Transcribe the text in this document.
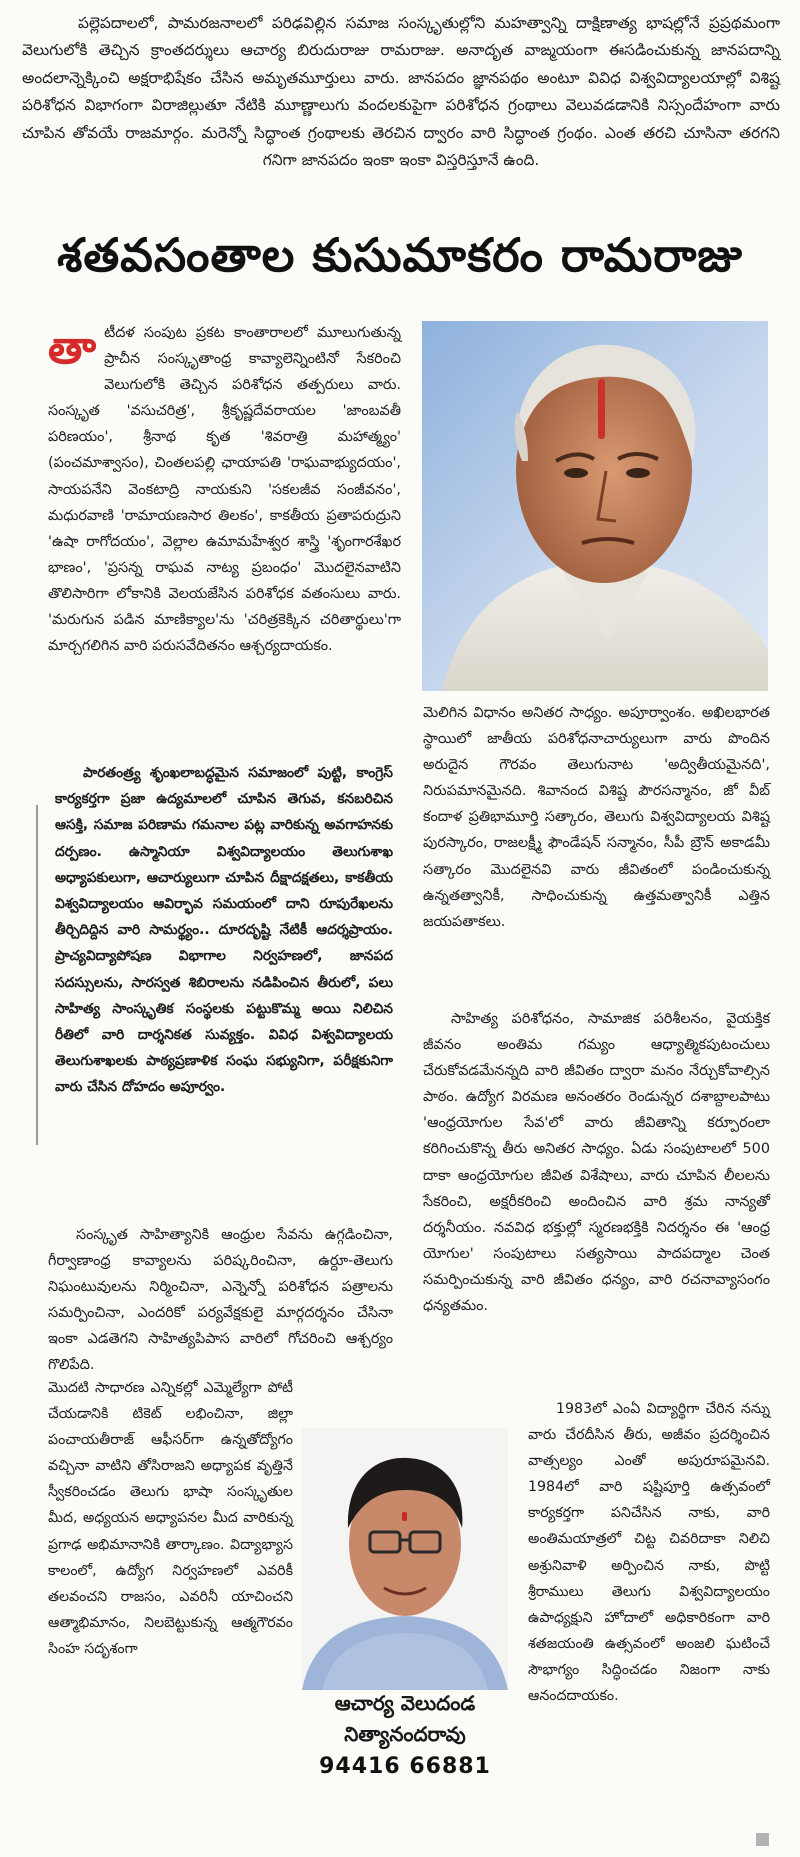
పల్లెపదాలలో, పామరజనాలలో పరిఢవిల్లిన సమాజ సంస్కృతుల్లోని మహత్వాన్ని దాక్షిణాత్య భాషల్లోనే ప్రప్రథమంగా వెలుగులోకి తెచ్చిన క్రాంతదర్శులు ఆచార్య బిరుదురాజు రామరాజు. అనాదృత వాఙ్మయంగా ఈసడించుకున్న జానపదాన్ని అందలాన్నెక్కించి అక్షరాభిషేకం చేసిన అమృతమూర్తులు వారు. జానపదం జ్ఞానపథం అంటూ వివిధ విశ్వవిద్యాలయాల్లో విశిష్ట పరిశోధన విభాగంగా విరాజిల్లుతూ నేటికి మూణ్ణాలుగు వందలకుపైగా పరిశోధన గ్రంథాలు వెలువడడానికి నిస్సందేహంగా వారు చూపిన తోవయే రాజమార్గం. మరెన్నో సిద్ధాంత గ్రంథాలకు తెరచిన ద్వారం వారి సిద్ధాంత గ్రంథం. ఎంత తరచి చూసినా తరగని గనిగా జానపదం ఇంకా ఇంకా విస్తరిస్తూనే ఉంది.
శతవసంతాల కుసుమాకరం రామరాజు

తాటీదళ సంపుట ప్రకట కాంతారాలలో మూలుగుతున్న ప్రాచీన సంస్కృతాంధ్ర కావ్యాలెన్నింటినో సేకరించి వెలుగులోకి తెచ్చిన పరిశోధన తత్పరులు వారు. సంస్కృత 'వసుచరిత్ర', శ్రీకృష్ణదేవరాయల 'జాంబవతీ పరిణయం', శ్రీనాథ కృత 'శివరాత్రి మహాత్మ్యం' (పంచమాశ్వాసం), చింతలపల్లి ఛాయాపతి 'రాఘవాభ్యుదయం', సాయపనేని వెంకటాద్రి నాయకుని 'సకలజీవ సంజీవనం', మధురవాణి 'రామాయణసార తిలకం', కాకతీయ ప్రతాపరుద్రుని 'ఉషా రాగోదయం', వెల్లాల ఉమామహేశ్వర శాస్త్రి 'శృంగారశేఖర భాణం', 'ప్రసన్న రాఘవ నాట్య ప్రబంధం' మొదలైనవాటిని తొలిసారిగా లోకానికి వెలయజేసిన పరిశోధక వతంసులు వారు. 'మరుగున పడిన మాణిక్యాల'ను 'చరిత్రకెక్కిన చరితార్థులు'గా మార్చగలిగిన వారి పరుసవేదితనం ఆశ్చర్యదాయకం.

పారతంత్ర్య శృంఖలాబద్ధమైన సమాజంలో పుట్టి, కాంగ్రెస్ కార్యకర్తగా ప్రజా ఉద్యమాలలో చూపిన తెగువ, కనబరిచిన ఆసక్తి, సమాజ పరిణామ గమనాల పట్ల వారికున్న అవగాహనకు దర్పణం. ఉస్మానియా విశ్వవిద్యాలయం తెలుగుశాఖ అధ్యాపకులుగా, ఆచార్యులుగా చూపిన దీక్షాదక్షతలు, కాకతీయ విశ్వవిద్యాలయం ఆవిర్భావ సమయంలో దాని రూపురేఖలను తీర్చిదిద్దిన వారి సామర్థ్యం.. దూరదృష్టి నేటికీ ఆదర్శప్రాయం. ప్రాచ్యవిద్యాపోషణ విభాగాల నిర్వహణలో, జానపద సదస్సులను, సారస్వత శిబిరాలను నడిపించిన తీరులో, పలు సాహిత్య సాంస్కృతిక సంస్థలకు పట్టుకొమ్మ అయి నిలిచిన రీతిలో వారి దార్శనికత సువ్యక్తం. వివిధ విశ్వవిద్యాలయ తెలుగుశాఖలకు పాఠ్యప్రణాళిక సంఘ సభ్యునిగా, పరీక్షకునిగా వారు చేసిన దోహదం అపూర్వం.

సంస్కృత సాహిత్యానికి ఆంధ్రుల సేవను ఉగ్గడించినా, గీర్వాణాంధ్ర కావ్యాలను పరిష్కరించినా, ఉర్దూ-తెలుగు నిఘంటువులను నిర్మించినా, ఎన్నెన్నో పరిశోధన పత్రాలను సమర్పించినా, ఎందరికో పర్యవేక్షకులై మార్గదర్శనం చేసినా ఇంకా ఎడతెగని సాహిత్యపిపాస వారిలో గోచరించి ఆశ్చర్యం గొలిపేది.

మొదటి సాధారణ ఎన్నికల్లో ఎమ్మెల్యేగా పోటీ చేయడానికి టికెట్ లభించినా, జిల్లా పంచాయతీరాజ్ ఆఫీసర్‌గా ఉన్నతోద్యోగం వచ్చినా వాటిని తోసిరాజని అధ్యాపక వృత్తినే స్వీకరించడం తెలుగు భాషా సంస్కృతుల మీద, అధ్యయన అధ్యాపనల మీద వారికున్న ప్రగాఢ అభిమానానికి తార్కాణం. విద్యాభ్యాస కాలంలో, ఉద్యోగ నిర్వహణలో ఎవరికీ తలవంచని రాజసం, ఎవరినీ యాచించని ఆత్మాభిమానం, నిలబెట్టుకున్న ఆత్మగౌరవం సింహ సదృశంగా

మెలిగిన విధానం అనితర సాధ్యం. అపూర్వాంశం. అఖిలభారత స్థాయిలో జాతీయ పరిశోధనాచార్యులుగా వారు పొందిన అరుదైన గౌరవం తెలుగునాట 'అద్వితీయమైనది', నిరుపమానమైనది. శివానంద విశిష్ట పౌరసన్మానం, జో వీబ్ కందాళ ప్రతిభామూర్తి సత్కారం, తెలుగు విశ్వవిద్యాలయ విశిష్ట పురస్కారం, రాజలక్ష్మీ ఫౌండేషన్ సన్మానం, సీపీ బ్రౌన్ అకాడమీ సత్కారం మొదలైనవి వారు జీవితంలో పండించుకున్న ఉన్నతత్వానికీ, సాధించుకున్న ఉత్తమత్వానికీ ఎత్తిన జయపతాకలు.

సాహిత్య పరిశోధనం, సామాజిక పరిశీలనం, వైయక్తిక జీవనం అంతిమ గమ్యం ఆధ్యాత్మికపుటంచులు చేరుకోవడమేనన్నది వారి జీవితం ద్వారా మనం నేర్చుకోవాల్సిన పాఠం. ఉద్యోగ విరమణ అనంతరం రెండున్నర దశాబ్దాలపాటు 'ఆంధ్రయోగుల సేవ'లో వారు జీవితాన్ని కర్పూరంలా కరిగించుకొన్న తీరు అనితర సాధ్యం. ఏడు సంపుటాలలో 500 దాకా ఆంధ్రయోగుల జీవిత విశేషాలు, వారు చూపిన లీలలను సేకరించి, అక్షరీకరించి అందించిన వారి శ్రమ నాన్యతో దర్శనీయం. నవవిధ భక్తుల్లో స్మరణభక్తికి నిదర్శనం ఈ 'ఆంధ్ర యోగుల' సంపుటాలు సత్యసాయి పాదపద్మాల చెంత సమర్పించుకున్న వారి జీవితం ధన్యం, వారి రచనావ్యాసంగం ధన్యతమం.

1983లో ఎంఏ విద్యార్థిగా చేరిన నన్ను వారు చేరదీసిన తీరు, అజీవం ప్రదర్శించిన వాత్సల్యం ఎంతో అపురూపమైనవి. 1984లో వారి షష్టిపూర్తి ఉత్సవంలో కార్యకర్తగా పనిచేసిన నాకు, వారి అంతిమయాత్రలో చిట్ట చివరిదాకా నిలిచి అశ్రునివాళి అర్పించిన నాకు, పొట్టి శ్రీరాములు తెలుగు విశ్వవిద్యాలయం ఉపాధ్యక్షుని హోదాలో అధికారికంగా వారి శతజయంతి ఉత్సవంలో అంజలి ఘటించే సౌభాగ్యం సిద్ధించడం నిజంగా నాకు ఆనందదాయకం.

ఆచార్య వెలుదండ
నిత్యానందరావు
94416 66881
